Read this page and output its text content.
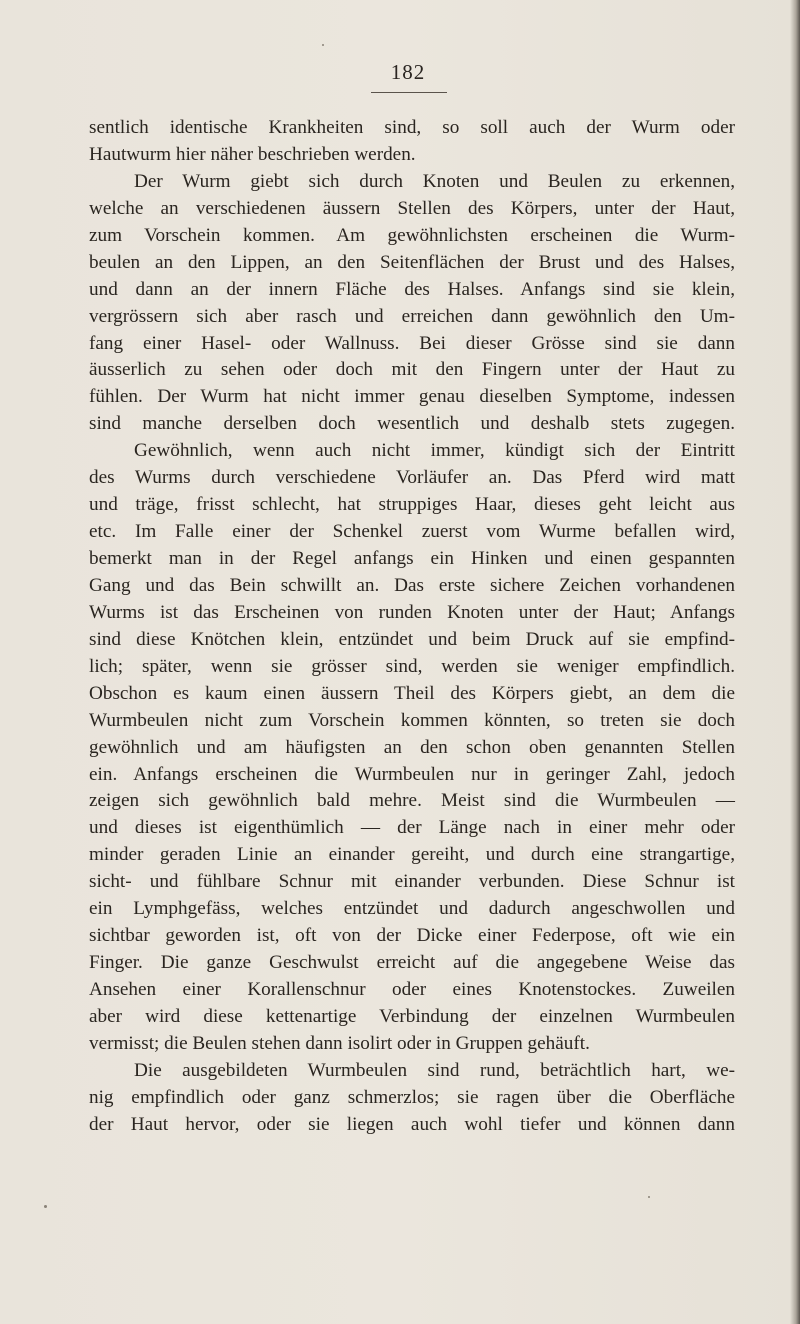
182
sentlich identische Krankheiten sind, so soll auch der Wurm oder
Hautwurm hier näher beschrieben werden.
Der Wurm giebt sich durch Knoten und Beulen zu erkennen,
welche an verschiedenen äussern Stellen des Körpers, unter der Haut,
zum Vorschein kommen. Am gewöhnlichsten erscheinen die Wurm-
beulen an den Lippen, an den Seitenflächen der Brust und des Halses,
und dann an der innern Fläche des Halses. Anfangs sind sie klein,
vergrössern sich aber rasch und erreichen dann gewöhnlich den Um-
fang einer Hasel- oder Wallnuss. Bei dieser Grösse sind sie dann
äusserlich zu sehen oder doch mit den Fingern unter der Haut zu
fühlen. Der Wurm hat nicht immer genau dieselben Symptome, indessen
sind manche derselben doch wesentlich und deshalb stets zugegen.
Gewöhnlich, wenn auch nicht immer, kündigt sich der Eintritt
des Wurms durch verschiedene Vorläufer an. Das Pferd wird matt
und träge, frisst schlecht, hat struppiges Haar, dieses geht leicht aus
etc. Im Falle einer der Schenkel zuerst vom Wurme befallen wird,
bemerkt man in der Regel anfangs ein Hinken und einen gespannten
Gang und das Bein schwillt an. Das erste sichere Zeichen vorhandenen
Wurms ist das Erscheinen von runden Knoten unter der Haut; Anfangs
sind diese Knötchen klein, entzündet und beim Druck auf sie empfind-
lich; später, wenn sie grösser sind, werden sie weniger empfindlich.
Obschon es kaum einen äussern Theil des Körpers giebt, an dem die
Wurmbeulen nicht zum Vorschein kommen könnten, so treten sie doch
gewöhnlich und am häufigsten an den schon oben genannten Stellen
ein. Anfangs erscheinen die Wurmbeulen nur in geringer Zahl, jedoch
zeigen sich gewöhnlich bald mehre. Meist sind die Wurmbeulen —
und dieses ist eigenthümlich — der Länge nach in einer mehr oder
minder geraden Linie an einander gereiht, und durch eine strangartige,
sicht- und fühlbare Schnur mit einander verbunden. Diese Schnur ist
ein Lymphgefäss, welches entzündet und dadurch angeschwollen und
sichtbar geworden ist, oft von der Dicke einer Federpose, oft wie ein
Finger. Die ganze Geschwulst erreicht auf die angegebene Weise das
Ansehen einer Korallenschnur oder eines Knotenstockes. Zuweilen
aber wird diese kettenartige Verbindung der einzelnen Wurmbeulen
vermisst; die Beulen stehen dann isolirt oder in Gruppen gehäuft.
Die ausgebildeten Wurmbeulen sind rund, beträchtlich hart, we-
nig empfindlich oder ganz schmerzlos; sie ragen über die Oberfläche
der Haut hervor, oder sie liegen auch wohl tiefer und können dann
